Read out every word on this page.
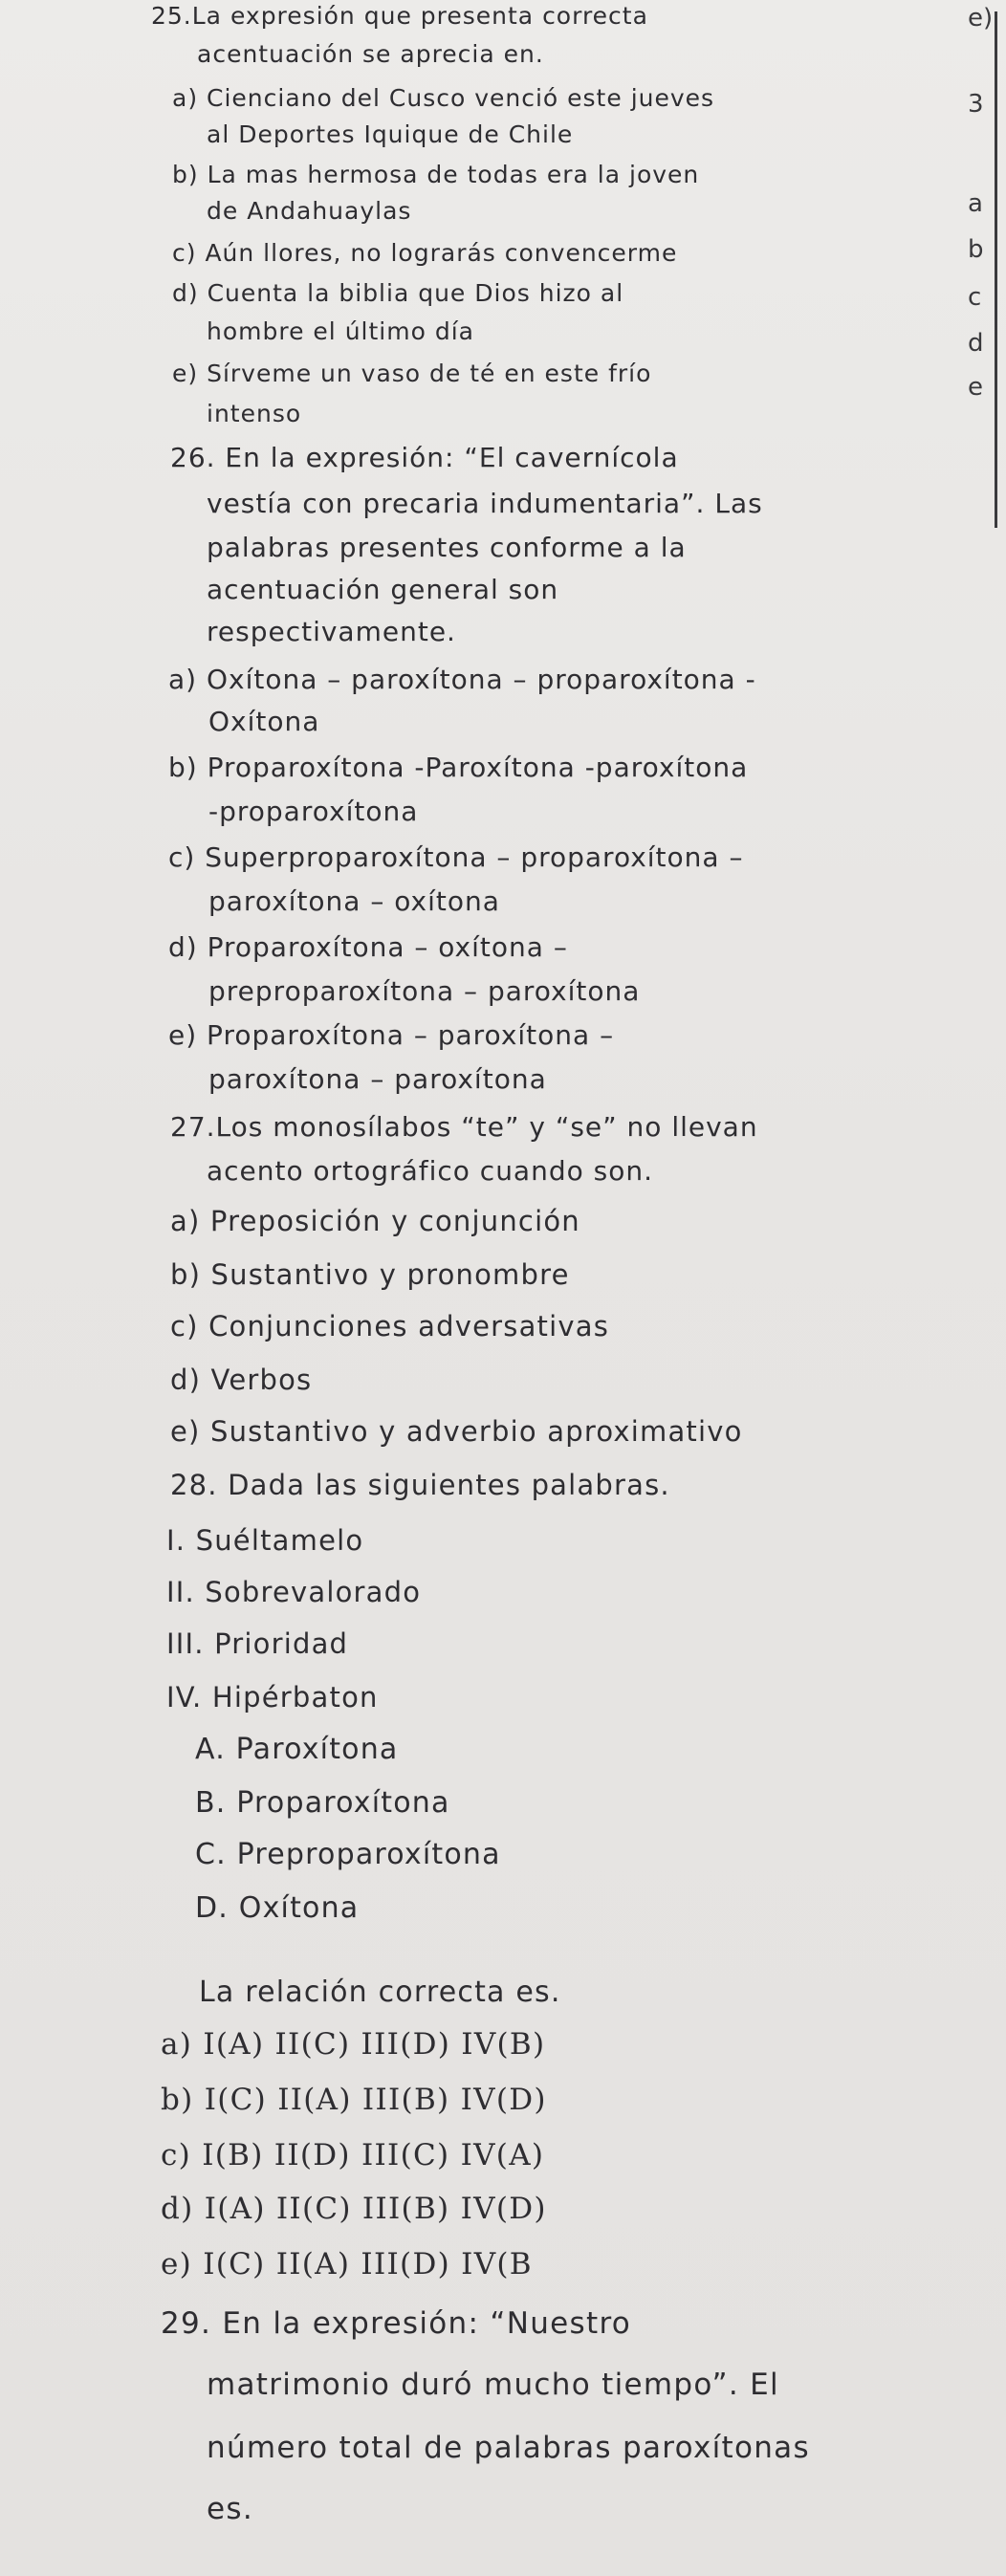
e)
3
a
b
c
d
e
25.La expresión que presenta correcta
acentuación se aprecia en.
a) Cienciano del Cusco venció este jueves
al Deportes Iquique de Chile
b) La mas hermosa de todas era la joven
de Andahuaylas
c) Aún llores, no lograrás convencerme
d) Cuenta la biblia que Dios hizo al
hombre el último día
e) Sírveme un vaso de té en este frío
intenso
26. En la expresión: “El cavernícola
vestía con precaria indumentaria”. Las
palabras presentes conforme a la
acentuación general son
respectivamente.
a) Oxítona – paroxítona – proparoxítona -
Oxítona
b) Proparoxítona -Paroxítona -paroxítona
-proparoxítona
c) Superproparoxítona – proparoxítona –
paroxítona – oxítona
d) Proparoxítona – oxítona –
preproparoxítona – paroxítona
e) Proparoxítona – paroxítona –
paroxítona – paroxítona
27.Los monosílabos “te” y “se” no llevan
acento ortográfico cuando son.
a) Preposición y conjunción
b) Sustantivo y pronombre
c) Conjunciones adversativas
d) Verbos
e) Sustantivo y adverbio aproximativo
28. Dada las siguientes palabras.
I. Suéltamelo
II. Sobrevalorado
III. Prioridad
IV. Hipérbaton
A. Paroxítona
B. Proparoxítona
C. Preproparoxítona
D. Oxítona
La relación correcta es.
a) I(A) II(C) III(D) IV(B)
b) I(C) II(A) III(B) IV(D)
c) I(B) II(D) III(C) IV(A)
d) I(A) II(C) III(B) IV(D)
e) I(C) II(A) III(D) IV(B
29. En la expresión: “Nuestro
matrimonio duró mucho tiempo”. El
número total de palabras paroxítonas
es.
